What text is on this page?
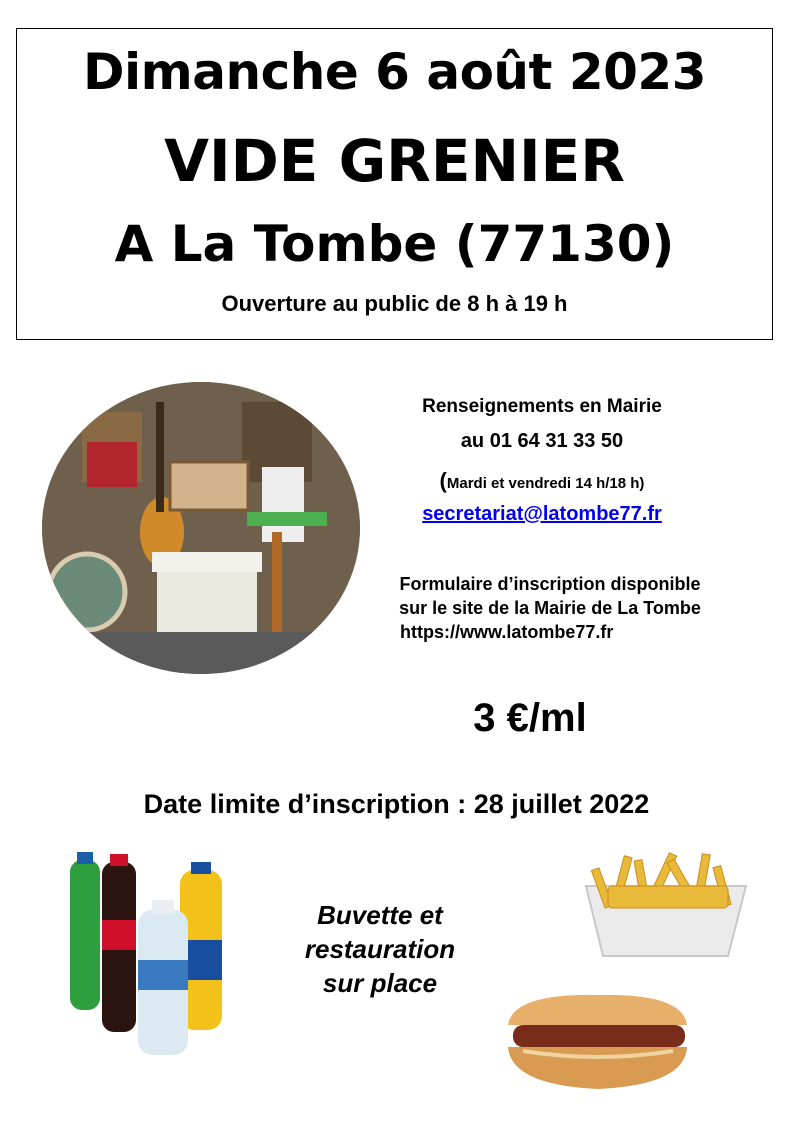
Dimanche 6 août 2023
VIDE GRENIER
A La Tombe (77130)
Ouverture au public de 8 h à 19 h
Renseignements en Mairie
au 01 64 31 33 50
(Mardi et vendredi 14 h/18 h)
secretariat@latombe77.fr
Formulaire d’inscription disponible
sur le site de la Mairie de La Tombe
https://www.latombe77.fr
3 €/ml
Date limite d’inscription : 28 juillet 2022
Buvette et
restauration
sur place
